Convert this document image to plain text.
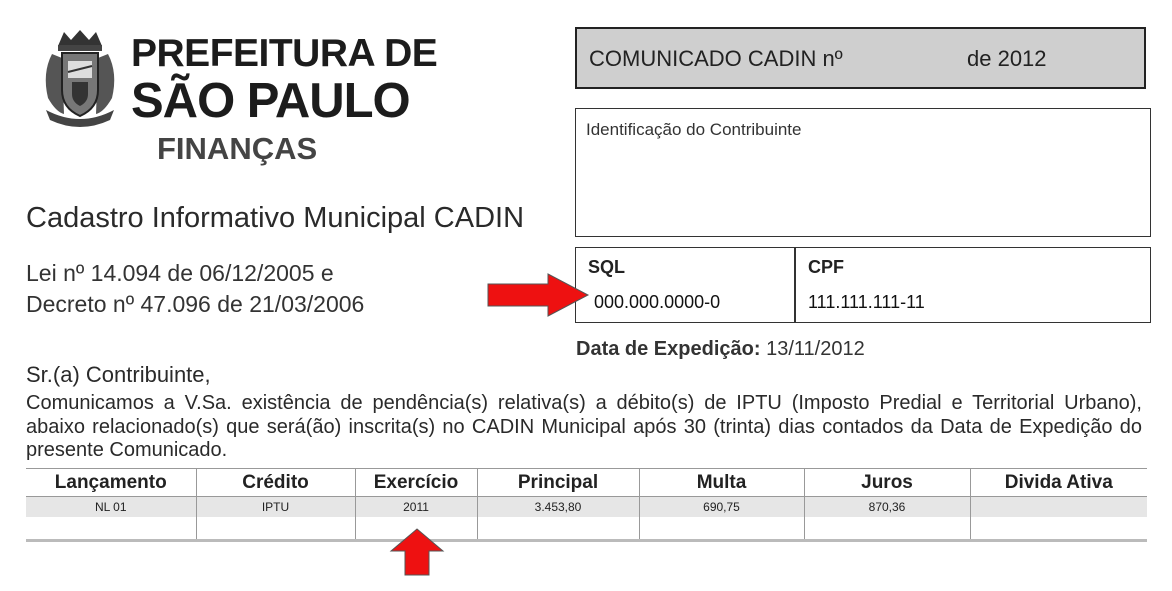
PREFEITURA DE
SÃO PAULO
FINANÇAS
Cadastro Informativo Municipal CADIN
Lei nº 14.094 de 06/12/2005 e
Decreto nº 47.096 de 21/03/2006
COMUNICADO CADIN nº	de 2012
Identificação do Contribuinte
SQL
000.000.0000-0
CPF
111.111.111-11
Data de Expedição: 13/11/2012
Sr.(a) Contribuinte,
Comunicamos a V.Sa. existência de pendência(s) relativa(s) a débito(s) de IPTU (Imposto Predial e Territorial Urbano), abaixo relacionado(s) que será(ão) inscrita(s) no CADIN Municipal após 30 (trinta) dias contados da Data de Expedição do presente Comunicado.
Lançamento	Crédito	Exercício	Principal	Multa	Juros	Divida Ativa
NL 01	IPTU	2011	3.453,80	690,75	870,36	
